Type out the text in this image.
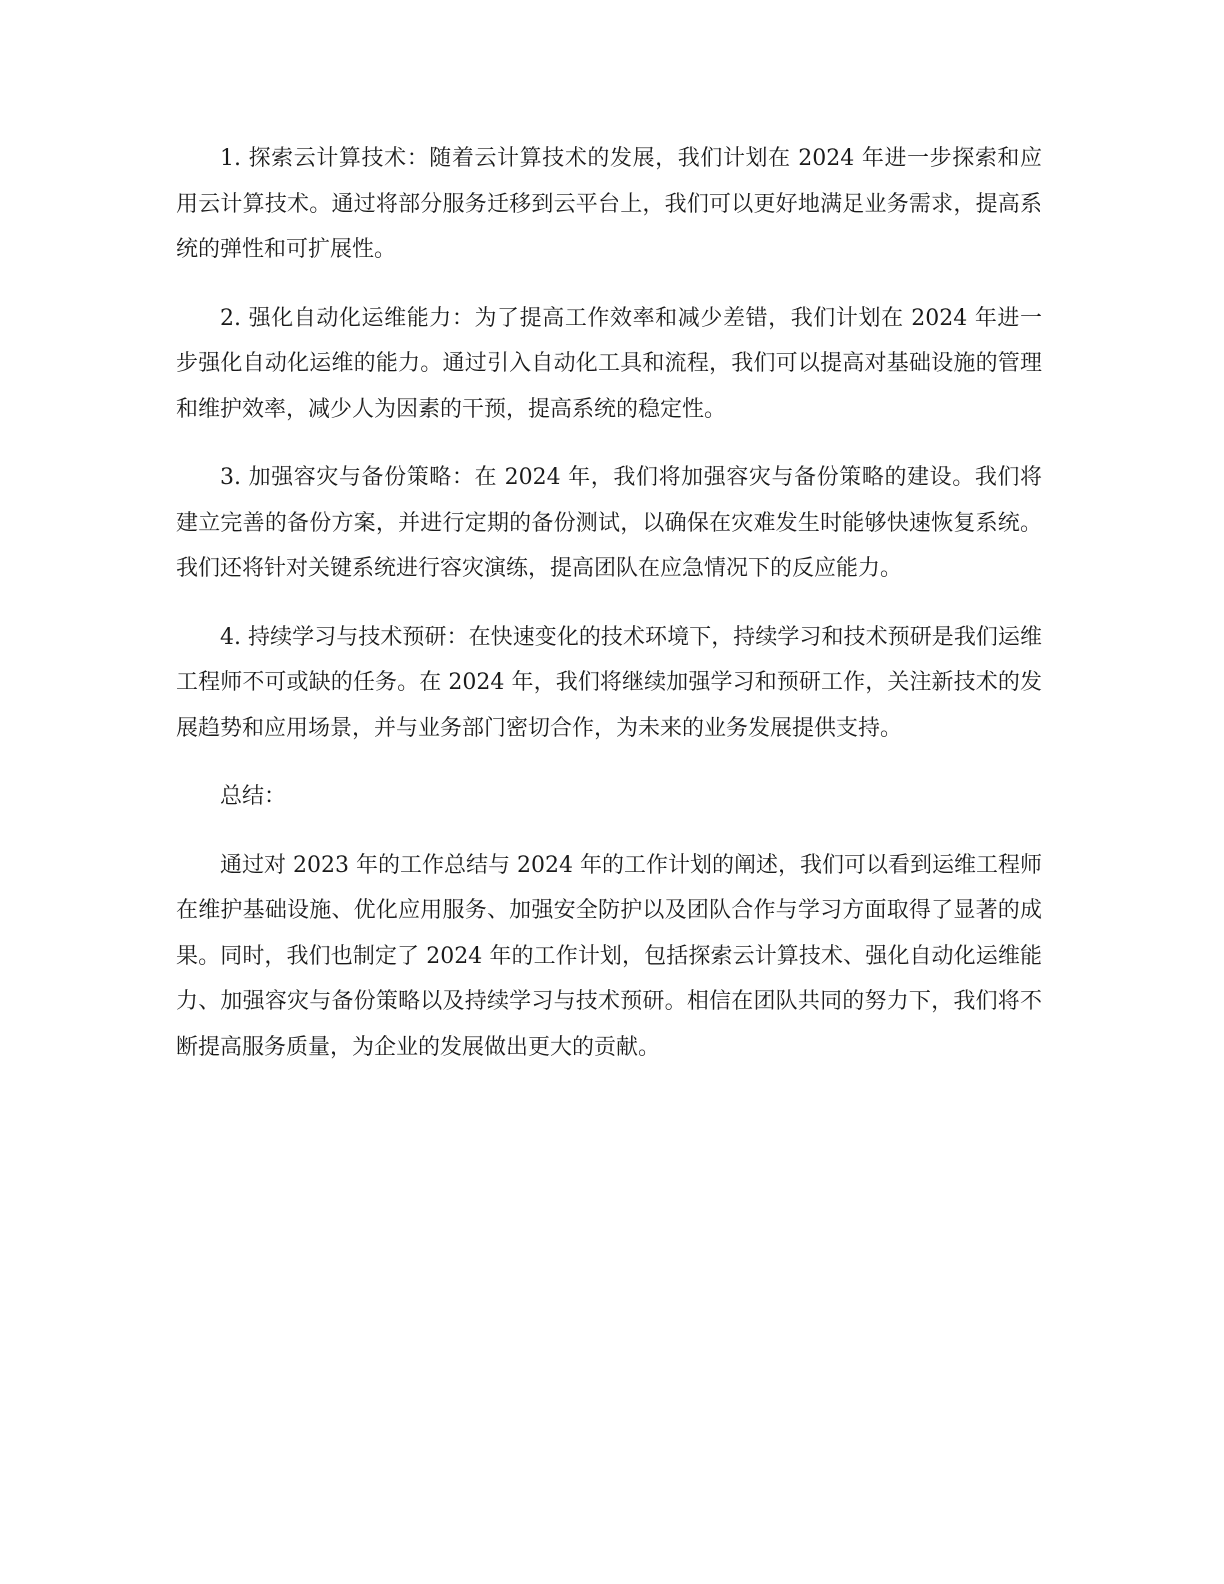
1. 探索云计算技术：随着云计算技术的发展，我们计划在 2024 年进一步探索和应用云计算技术。通过将部分服务迁移到云平台上，我们可以更好地满足业务需求，提高系统的弹性和可扩展性。

2. 强化自动化运维能力：为了提高工作效率和减少差错，我们计划在 2024 年进一步强化自动化运维的能力。通过引入自动化工具和流程，我们可以提高对基础设施的管理和维护效率，减少人为因素的干预，提高系统的稳定性。

3. 加强容灾与备份策略：在 2024 年，我们将加强容灾与备份策略的建设。我们将建立完善的备份方案，并进行定期的备份测试，以确保在灾难发生时能够快速恢复系统。我们还将针对关键系统进行容灾演练，提高团队在应急情况下的反应能力。

4. 持续学习与技术预研：在快速变化的技术环境下，持续学习和技术预研是我们运维工程师不可或缺的任务。在 2024 年，我们将继续加强学习和预研工作，关注新技术的发展趋势和应用场景，并与业务部门密切合作，为未来的业务发展提供支持。

总结：

通过对 2023 年的工作总结与 2024 年的工作计划的阐述，我们可以看到运维工程师在维护基础设施、优化应用服务、加强安全防护以及团队合作与学习方面取得了显著的成果。同时，我们也制定了 2024 年的工作计划，包括探索云计算技术、强化自动化运维能力、加强容灾与备份策略以及持续学习与技术预研。相信在团队共同的努力下，我们将不断提高服务质量，为企业的发展做出更大的贡献。
